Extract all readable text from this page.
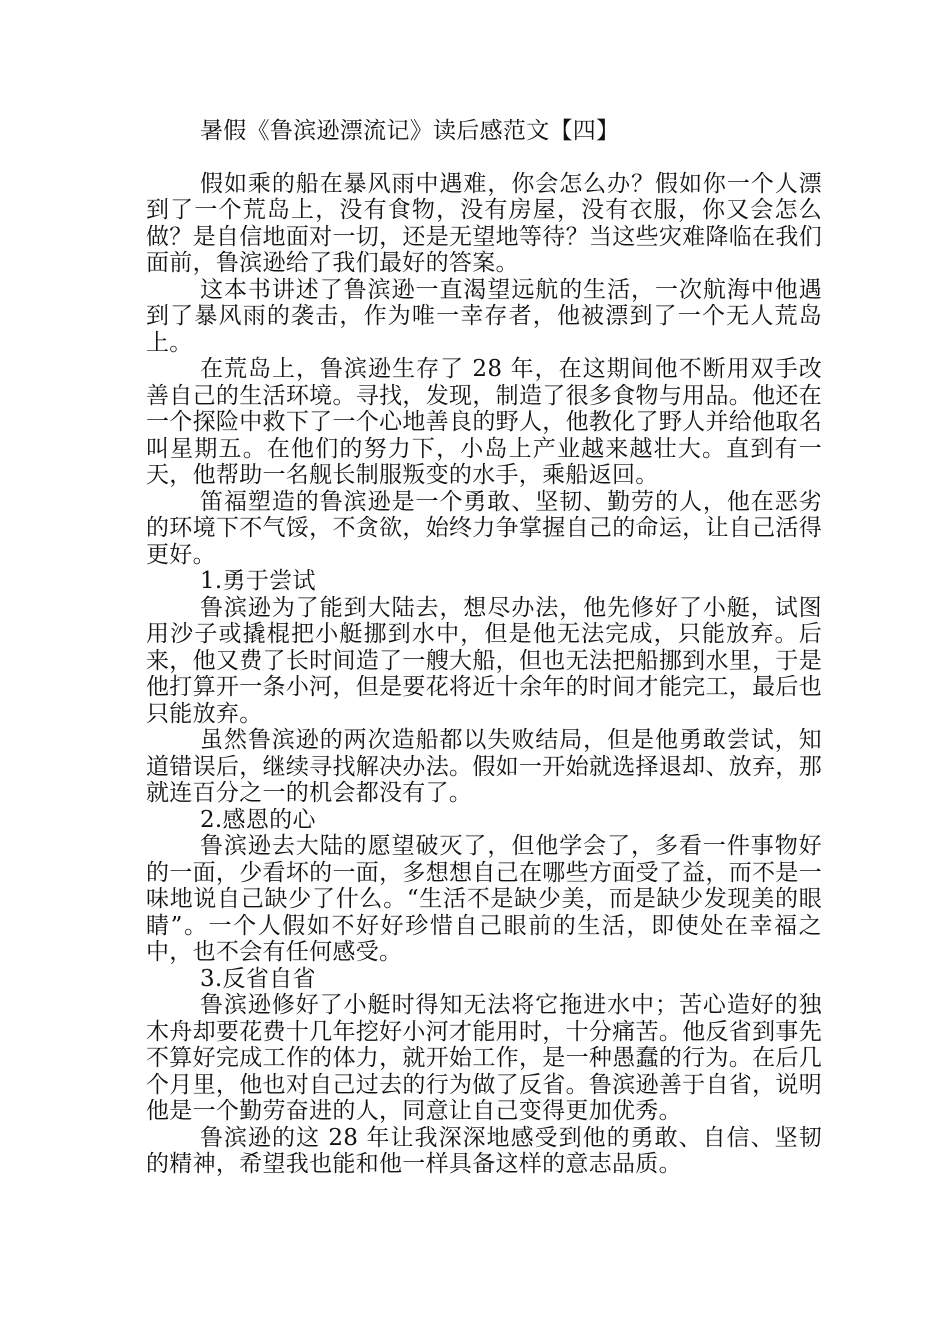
暑假《鲁滨逊漂流记》读后感范文【四】

假如乘的船在暴风雨中遇难，你会怎么办？假如你一个人漂到了一个荒岛上，没有食物，没有房屋，没有衣服，你又会怎么做？是自信地面对一切，还是无望地等待？当这些灾难降临在我们面前，鲁滨逊给了我们最好的答案。

这本书讲述了鲁滨逊一直渴望远航的生活，一次航海中他遇到了暴风雨的袭击，作为唯一幸存者，他被漂到了一个无人荒岛上。

在荒岛上，鲁滨逊生存了 28 年，在这期间他不断用双手改善自己的生活环境。寻找，发现，制造了很多食物与用品。他还在一个探险中救下了一个心地善良的野人，他教化了野人并给他取名叫星期五。在他们的努力下，小岛上产业越来越壮大。直到有一天，他帮助一名舰长制服叛变的水手，乘船返回。

笛福塑造的鲁滨逊是一个勇敢、坚韧、勤劳的人，他在恶劣的环境下不气馁，不贪欲，始终力争掌握自己的命运，让自己活得更好。

1.勇于尝试

鲁滨逊为了能到大陆去，想尽办法，他先修好了小艇，试图用沙子或撬棍把小艇挪到水中，但是他无法完成，只能放弃。后来，他又费了长时间造了一艘大船，但也无法把船挪到水里，于是他打算开一条小河，但是要花将近十余年的时间才能完工，最后也只能放弃。

虽然鲁滨逊的两次造船都以失败结局，但是他勇敢尝试，知道错误后，继续寻找解决办法。假如一开始就选择退却、放弃，那就连百分之一的机会都没有了。

2.感恩的心

鲁滨逊去大陆的愿望破灭了，但他学会了，多看一件事物好的一面，少看坏的一面，多想想自己在哪些方面受了益，而不是一味地说自己缺少了什么。“生活不是缺少美，而是缺少发现美的眼睛”。一个人假如不好好珍惜自己眼前的生活，即使处在幸福之中，也不会有任何感受。

3.反省自省

鲁滨逊修好了小艇时得知无法将它拖进水中；苦心造好的独木舟却要花费十几年挖好小河才能用时，十分痛苦。他反省到事先不算好完成工作的体力，就开始工作，是一种愚蠢的行为。在后几个月里，他也对自己过去的行为做了反省。鲁滨逊善于自省，说明他是一个勤劳奋进的人，同意让自己变得更加优秀。

鲁滨逊的这 28 年让我深深地感受到他的勇敢、自信、坚韧的精神，希望我也能和他一样具备这样的意志品质。
